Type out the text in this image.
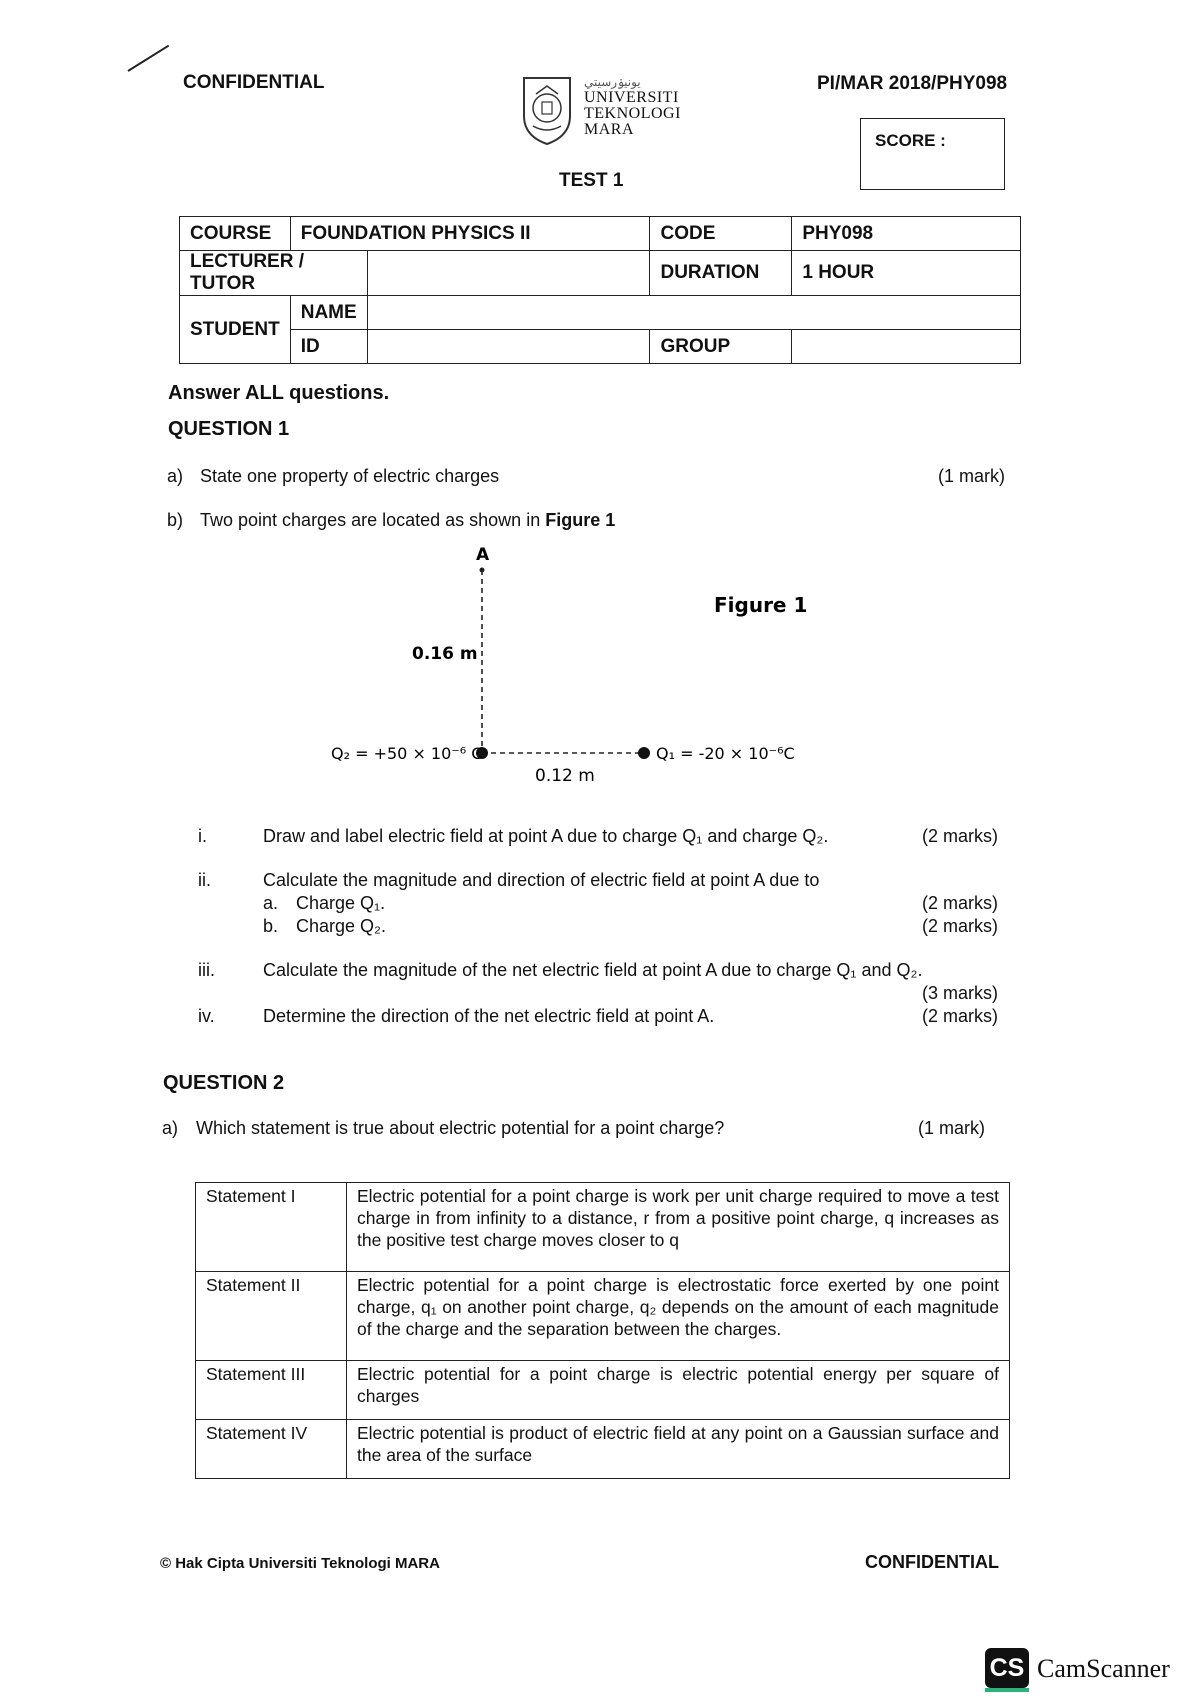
CONFIDENTIAL	يونيۏرسيتي
UNIVERSITI
TEKNOLOGI
MARA
PI/MAR 2018/PHY098
SCORE :
TEST 1
COURSE	FOUNDATION PHYSICS II		CODE	PHY098
LECTURER / TUTOR			DURATION	1 HOUR
STUDENT	NAME			
	ID		GROUP	
Answer ALL questions.
QUESTION 1
a) State one property of electric charges	(1 mark)
b) Two point charges are located as shown in Figure 1
A
0.16 m
0.12 m
Q₂ = +50 × 10⁻⁶ C	Q₁ = -20 × 10⁻⁶C
Figure 1
i.	Draw and label electric field at point A due to charge Q₁ and charge Q₂.	(2 marks)
ii.	Calculate the magnitude and direction of electric field at point A due to
a. Charge Q₁.	(2 marks)
b. Charge Q₂.	(2 marks)
iii.	Calculate the magnitude of the net electric field at point A due to charge Q₁ and Q₂.
(3 marks)
iv.	Determine the direction of the net electric field at point A.	(2 marks)
QUESTION 2
a) Which statement is true about electric potential for a point charge?	(1 mark)
Statement I	Electric potential for a point charge is work per unit charge required to move a test charge in from infinity to a distance, r from a positive point charge, q increases as the positive test charge moves closer to q
Statement II	Electric potential for a point charge is electrostatic force exerted by one point charge, q₁ on another point charge, q₂ depends on the amount of each magnitude of the charge and the separation between the charges.
Statement III	Electric potential for a point charge is electric potential energy per square of charges
Statement IV	Electric potential is product of electric field at any point on a Gaussian surface and the area of the surface
© Hak Cipta Universiti Teknologi MARA	CONFIDENTIAL
CS CamScanner
